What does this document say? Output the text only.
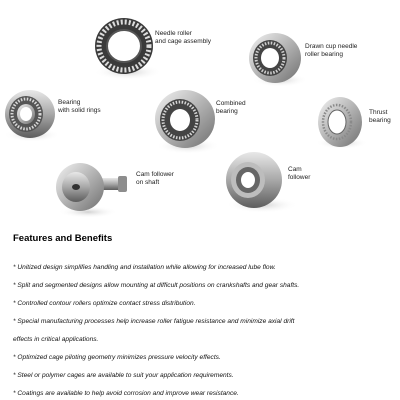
Needle roller
and cage assembly
Drawn cup needle
roller bearing
Bearing
with solid rings
Combined
bearing	Thrust
bearing
Cam follower
on shaft
Cam
follower
Features and Benefits
* Unitized design simplifies handling and installation while allowing for increased lube flow.
* Split and segmented designs allow mounting at difficult positions on crankshafts and gear shafts.
* Controlled contour rollers optimize contact stress distribution.
* Special manufacturing processes help increase roller fatigue resistance and minimize axial drift
effects in critical applications.
* Optimized cage piloting geometry minimizes pressure velocity effects.
* Steel or polymer cages are available to suit your application requirements.
* Coatings are available to help avoid corrosion and improve wear resistance.
